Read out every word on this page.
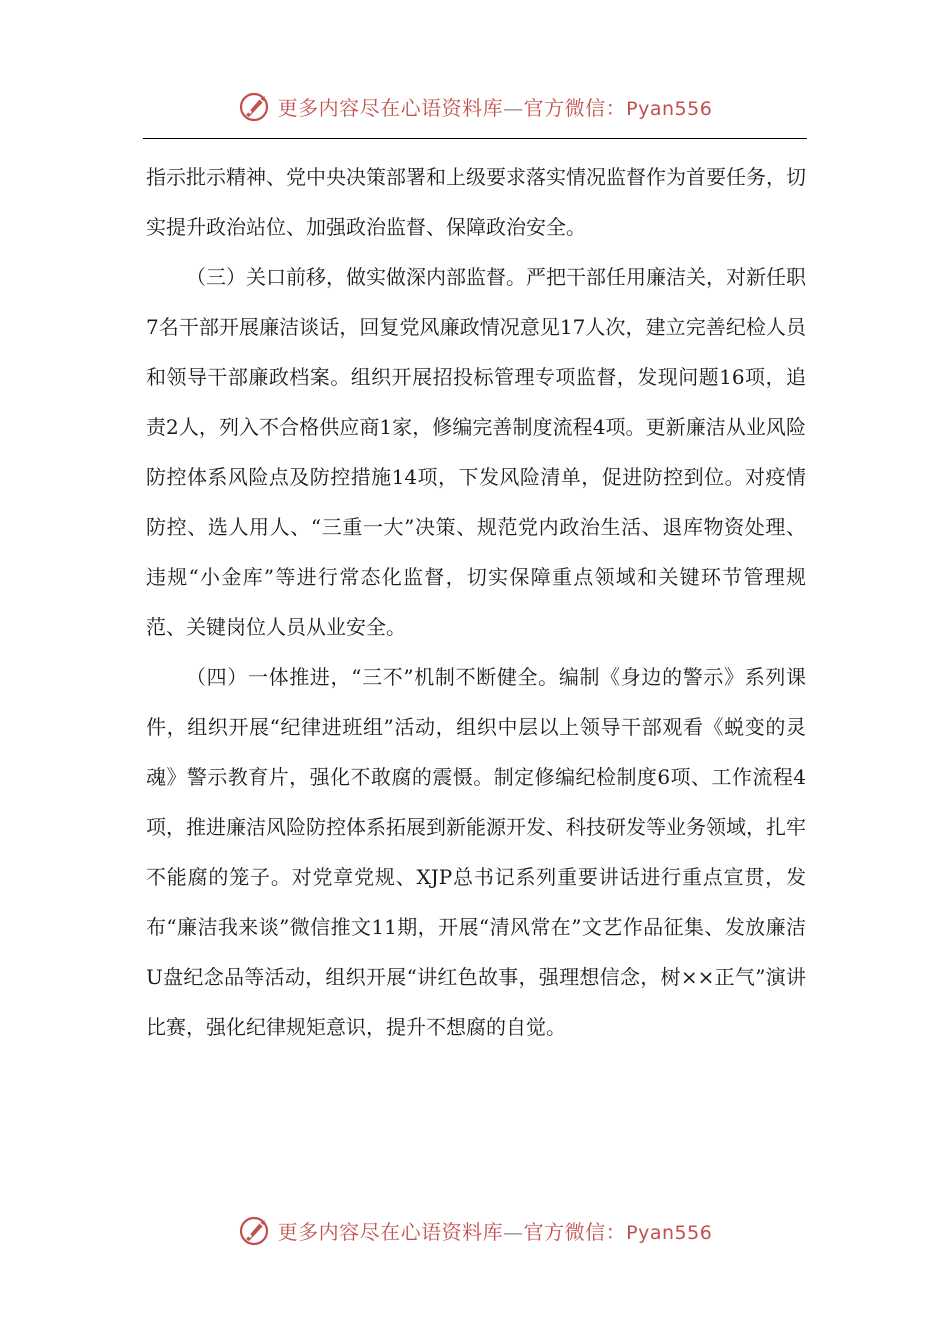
更多内容尽在心语资料库—官方微信：Pyan556

指示批示精神、党中央决策部署和上级要求落实情况监督作为首要任务，切实提升政治站位、加强政治监督、保障政治安全。

（三）关口前移，做实做深内部监督。严把干部任用廉洁关，对新任职7名干部开展廉洁谈话，回复党风廉政情况意见17人次，建立完善纪检人员和领导干部廉政档案。组织开展招投标管理专项监督，发现问题16项，追责2人，列入不合格供应商1家，修编完善制度流程4项。更新廉洁从业风险防控体系风险点及防控措施14项，下发风险清单，促进防控到位。对疫情防控、选人用人、“三重一大”决策、规范党内政治生活、退库物资处理、违规“小金库”等进行常态化监督，切实保障重点领域和关键环节管理规范、关键岗位人员从业安全。

（四）一体推进，“三不”机制不断健全。编制《身边的警示》系列课件，组织开展“纪律进班组”活动，组织中层以上领导干部观看《蜕变的灵魂》警示教育片，强化不敢腐的震慑。制定修编纪检制度6项、工作流程4项，推进廉洁风险防控体系拓展到新能源开发、科技研发等业务领域，扎牢不能腐的笼子。对党章党规、XJP总书记系列重要讲话进行重点宣贯，发布“廉洁我来谈”微信推文11期，开展“清风常在”文艺作品征集、发放廉洁U盘纪念品等活动，组织开展“讲红色故事，强理想信念，树××正气”演讲比赛，强化纪律规矩意识，提升不想腐的自觉。

更多内容尽在心语资料库—官方微信：Pyan556
